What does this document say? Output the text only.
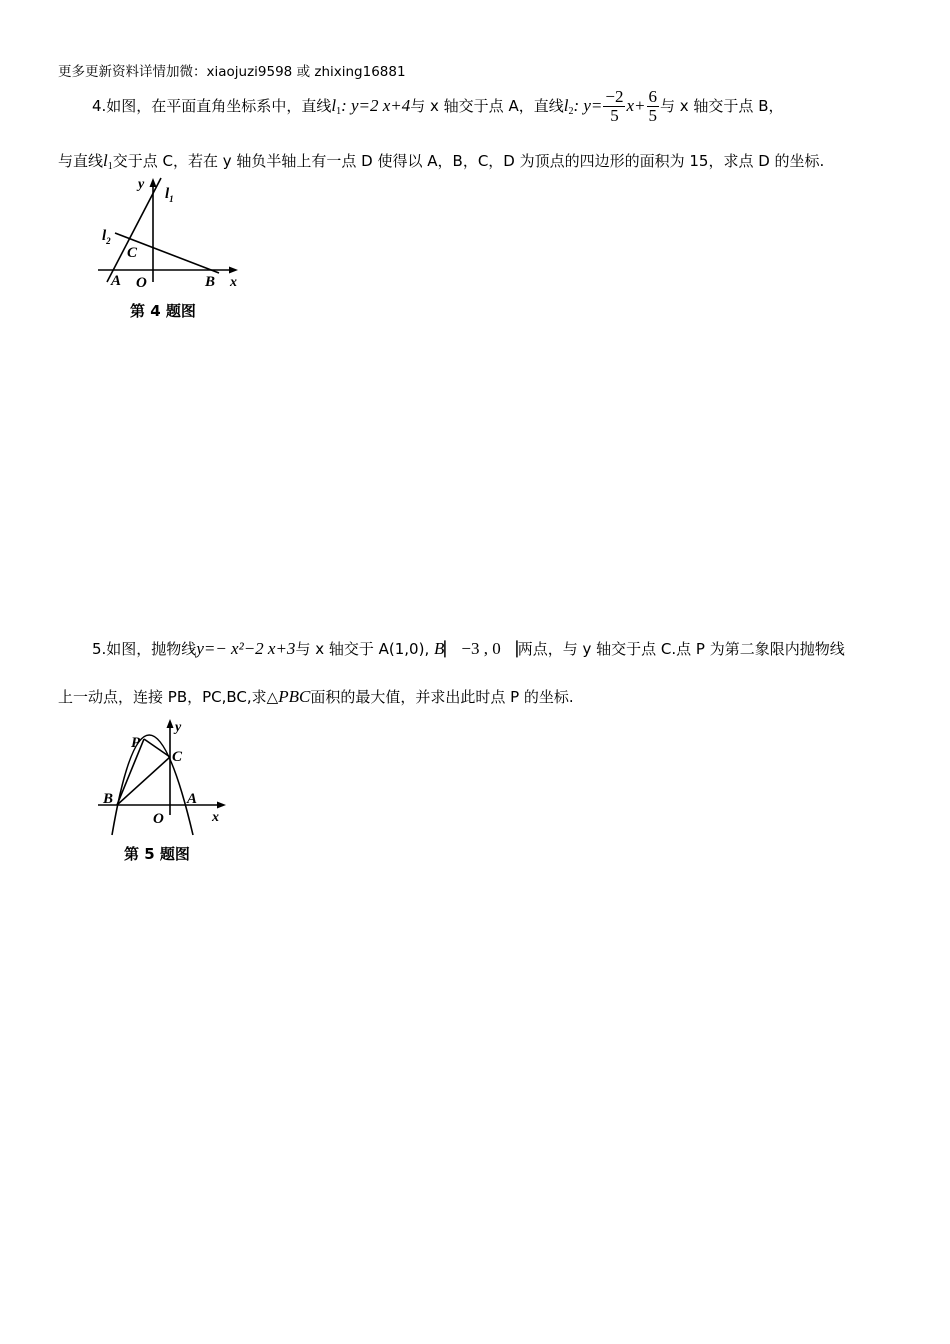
更多更新资料详情加微：xiaojuzi9598 或 zhixing16881
4.如图，在平面直角坐标系中，直线$l_1$: y=2 x+4与 x 轴交于点 A，直线$l_2$: $y= \frac{-2}{5} x+ \frac{6}{5}$ 与 x 轴交于点 B，
与直线$l_1$交于点 C，若在 y 轴负半轴上有一点 D 使得以 A，B，C，D 为顶点的四边形的面积为 15，求点 D 的坐标.
y
$l_1$
$l_2$
C
A O	B x
第 4 题图
5.如图，抛物线y=− x²−2 x+3与 x 轴交于 A(1,0), B⎸−3 , 0⎹两点，与 y 轴交于点 C.点 P 为第二象限内抛物线
上一动点，连接 PB，PC,BC,求△PBC面积的最大值，并求出此时点 P 的坐标.
y
P
C
B	A
O	x
第 5 题图
